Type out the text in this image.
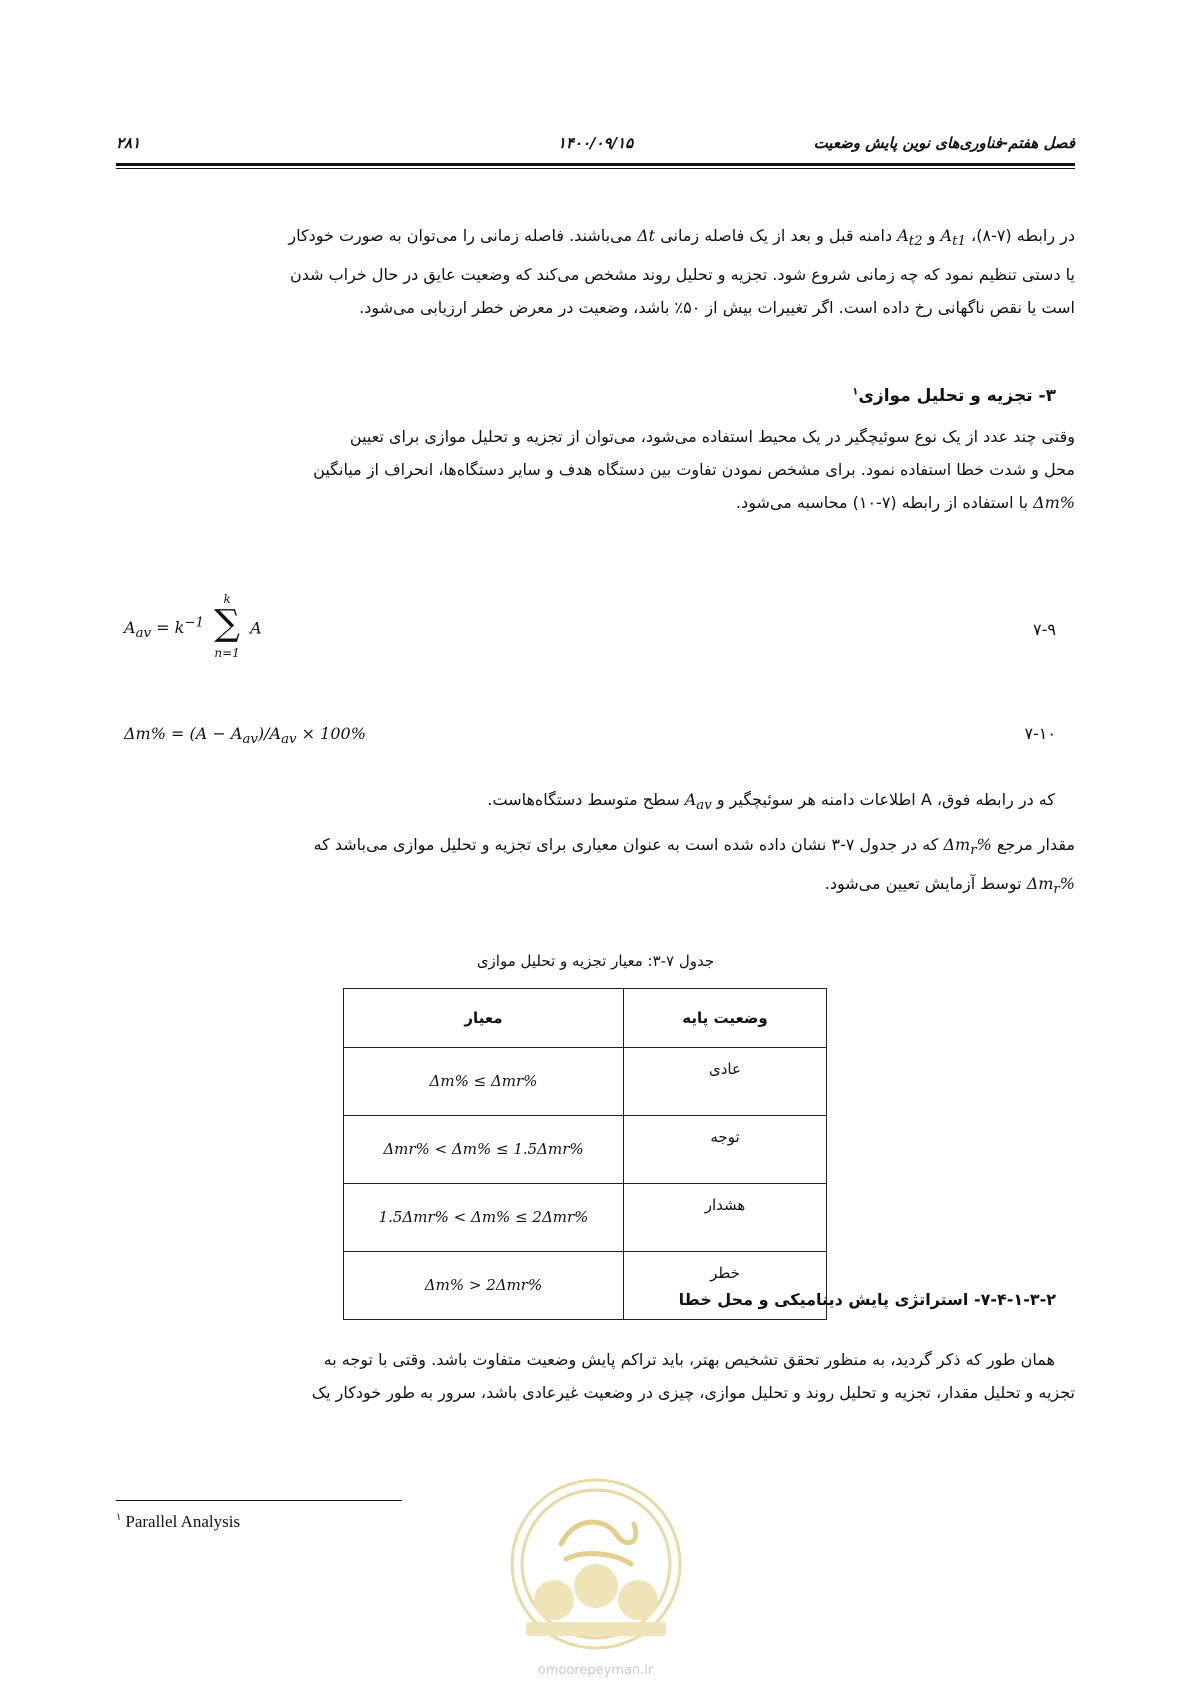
فصل هفتم-فناوری‌های نوین پایش وضعیت
۱۴۰۰/۰۹/۱۵
۲۸۱
در رابطه (۷-۸)، $A_{t1}$ و $A_{t2}$ دامنه قبل و بعد از یک فاصله زمانی Δt می‌باشند. فاصله زمانی را می‌توان به صورت خودکار
یا دستی تنظیم نمود که چه زمانی شروع شود. تجزیه و تحلیل روند مشخص می‌کند که وضعیت عایق در حال خراب شدن
است یا نقص ناگهانی رخ داده است. اگر تغییرات بیش از ۵۰٪ باشد، وضعیت در معرض خطر ارزیابی می‌شود.
۳- تجزیه و تحلیل موازی$^۱$
وقتی چند عدد از یک نوع سوئیچگیر در یک محیط استفاده می‌شود، می‌توان از تجزیه و تحلیل موازی برای تعیین
محل و شدت خطا استفاده نمود. برای مشخص نمودن تفاوت بین دستگاه هدف و سایر دستگاه‌ها، انحراف از میانگین
Δm% با استفاده از رابطه (۷-۱۰) محاسبه می‌شود.
$A_{av} = k^{-1}$
k
∑
n=1
A	۷-۹
$\Delta m\% = (A - A_{av})/A_{av} \times 100\%$	۷-۱۰
که در رابطه فوق، A اطلاعات دامنه هر سوئیچگیر و $A_{av}$ سطح متوسط دستگاه‌هاست.
مقدار مرجع $\Delta m_r\%$ که در جدول ۷-۳ نشان داده شده است به عنوان معیاری برای تجزیه و تحلیل موازی می‌باشد که
$\Delta m_r\%$ توسط آزمایش تعیین می‌شود.
جدول ۷-۳: معیار تجزیه و تحلیل موازی
وضعیت پایه	معیار
عادی	Δm% ≤ Δmr%
توجه	Δmr% < Δm% ≤ 1.5Δmr%
هشدار	1.5Δmr% < Δm% ≤ 2Δmr%
خطر	Δm% > 2Δmr%
۷-۴-۱-۳-۲- استراتژی پایش دینامیکی و محل خطا
همان طور که ذکر گردید، به منظور تحقق تشخیص بهتر، باید تراکم پایش وضعیت متفاوت باشد. وقتی با توجه به
تجزیه و تحلیل مقدار، تجزیه و تحلیل روند و تحلیل موازی، چیزی در وضعیت غیرعادی باشد، سرور به طور خودکار یک
$^۱$ Parallel Analysis
omoorepeyman.ir
